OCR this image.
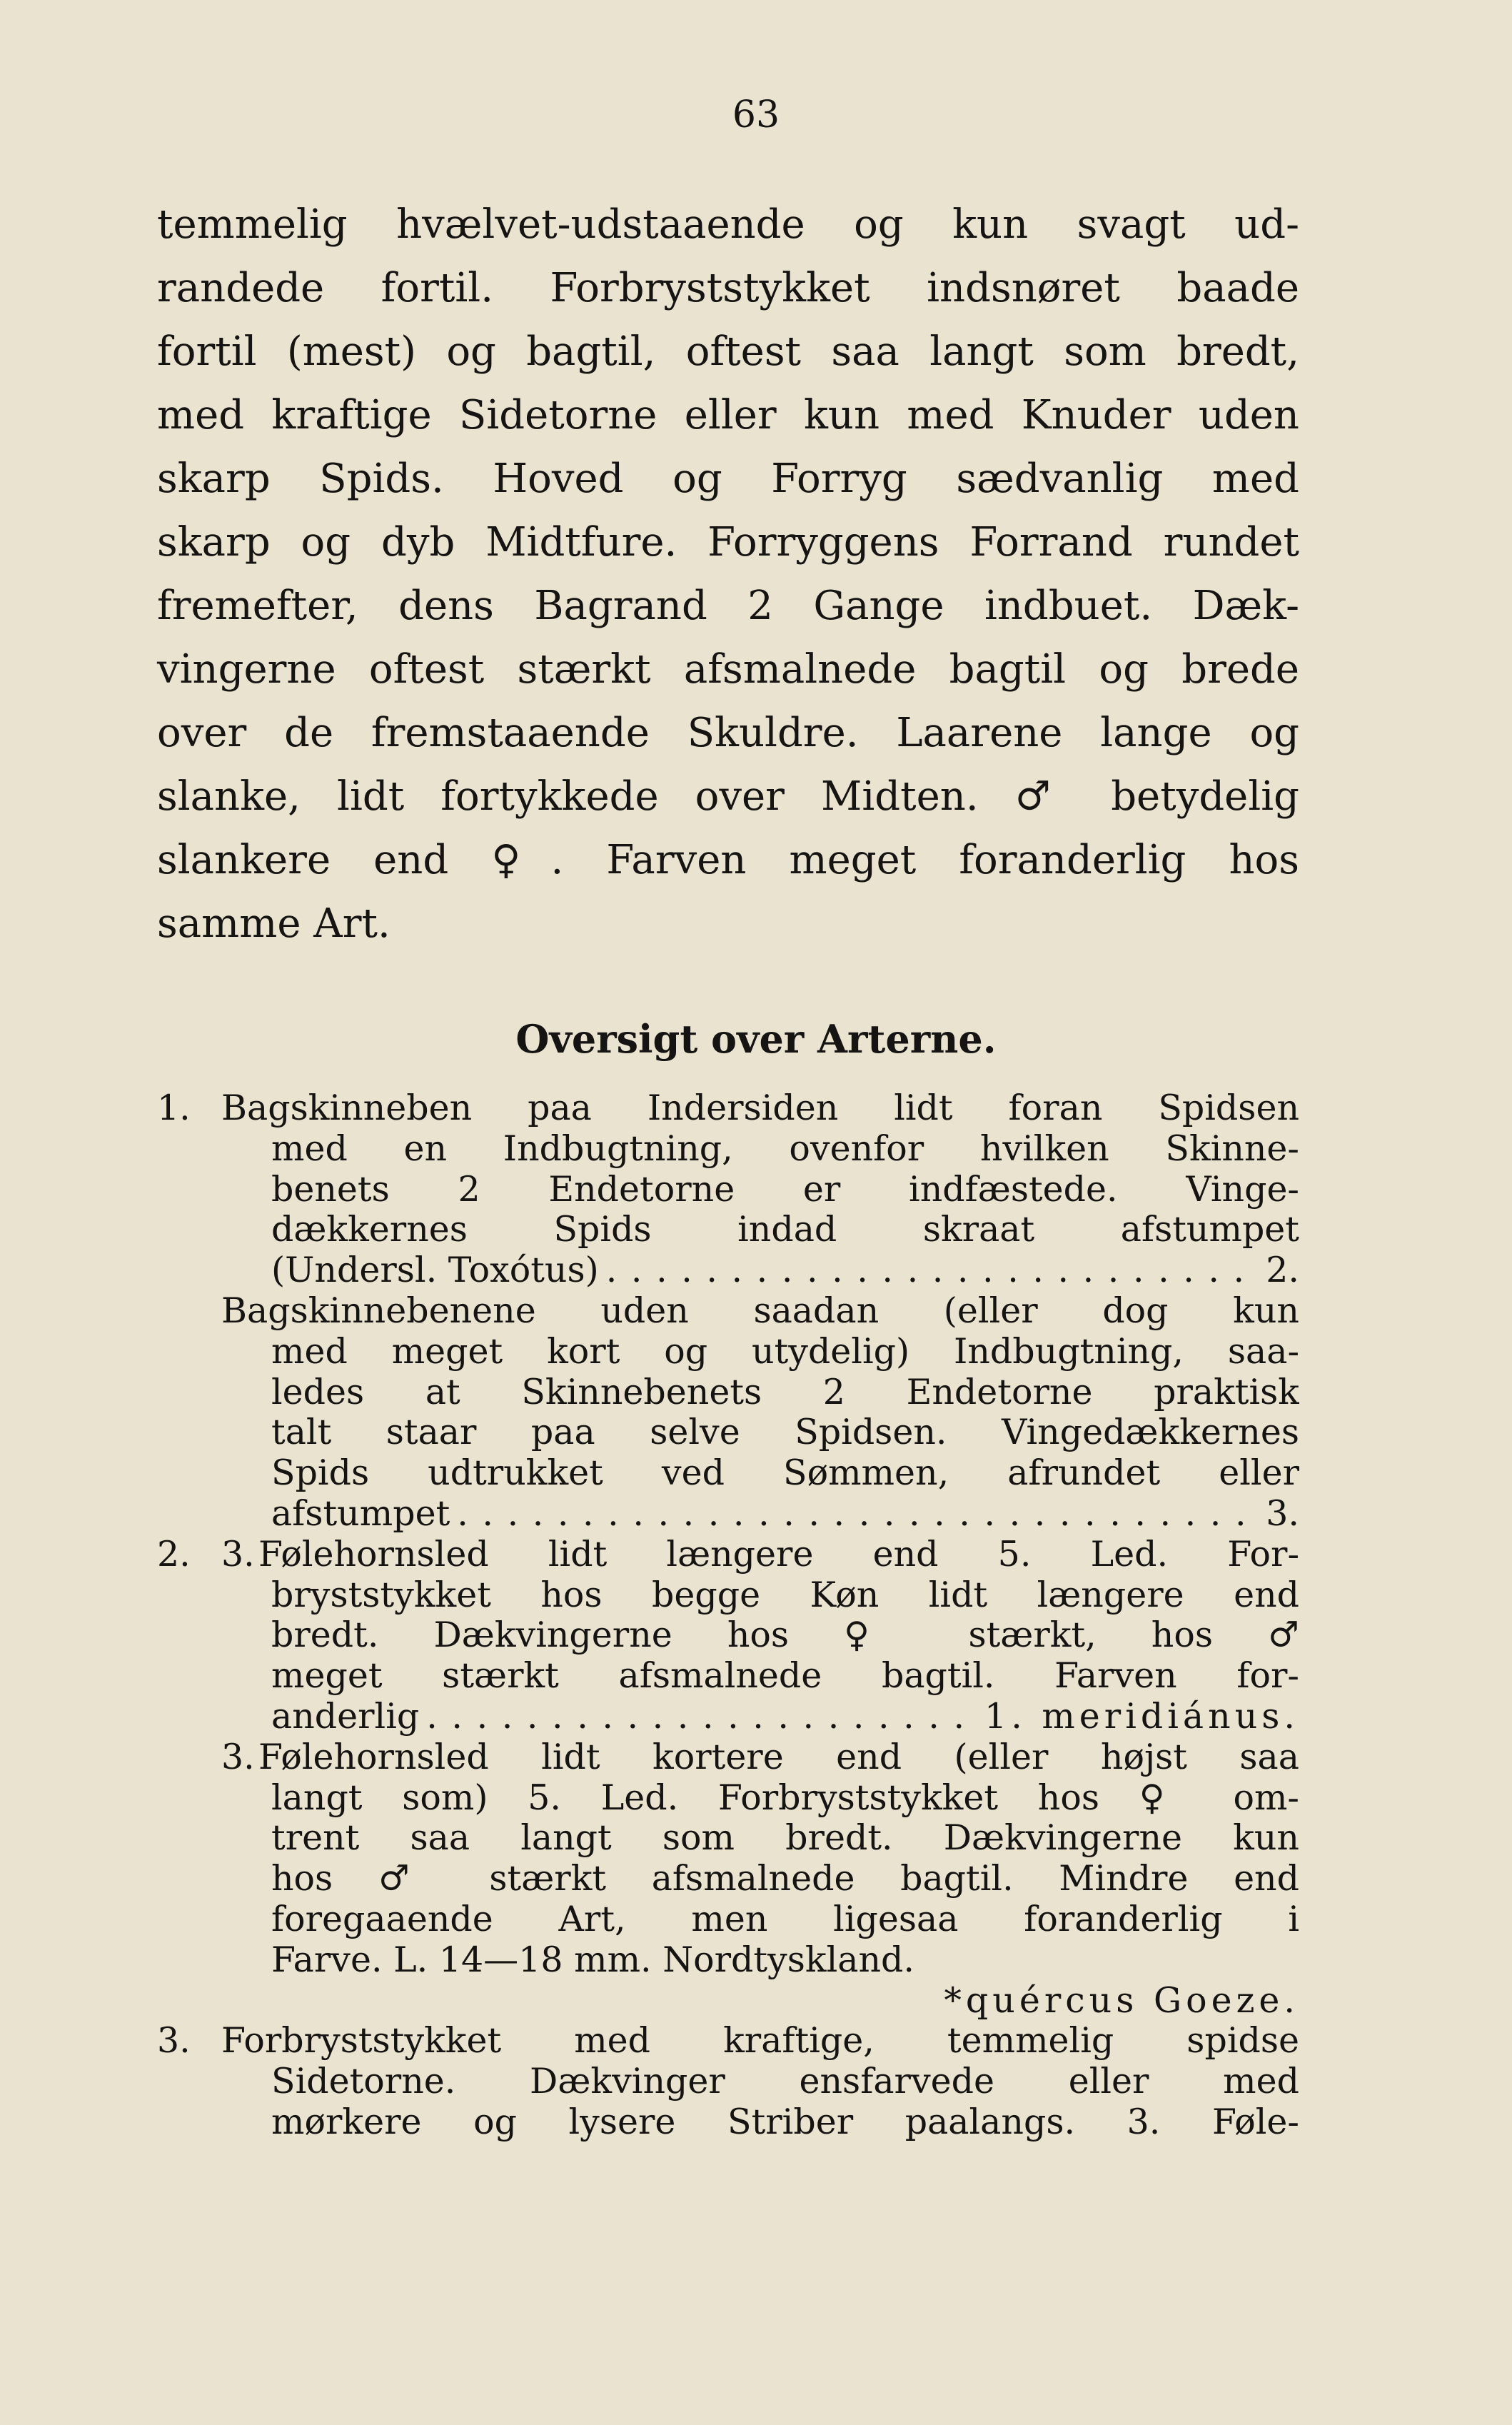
63
temmelig hvælvet-udstaaende og kun svagt ud-
randede fortil. Forbryststykket indsnøret baade
fortil (mest) og bagtil, oftest saa langt som bredt,
med kraftige Sidetorne eller kun med Knuder uden
skarp Spids. Hoved og Forryg sædvanlig med
skarp og dyb Midtfure. Forryggens Forrand rundet
fremefter, dens Bagrand 2 Gange indbuet. Dæk-
vingerne oftest stærkt afsmalnede bagtil og brede
over de fremstaaende Skuldre. Laarene lange og
slanke, lidt fortykkede over Midten. ♂ betydelig
slankere end ♀. Farven meget foranderlig hos
samme Art.
Oversigt over Arterne.
1. Bagskinneben paa Indersiden lidt foran Spidsen
med en Indbugtning, ovenfor hvilken Skinne-
benets 2 Endetorne er indfæstede. Vinge-
dækkernes Spids indad skraat afstumpet
(Undersl. Toxótus) . . .	2.
Bagskinnebenene uden saadan (eller dog kun
med meget kort og utydelig) Indbugtning, saa-
ledes at Skinnebenets 2 Endetorne praktisk
talt staar paa selve Spidsen. Vingedækkernes
Spids udtrukket ved Sømmen, afrundet eller
afstumpet . . .	3.
2. 3. Følehornsled lidt længere end 5. Led. For-
bryststykket hos begge Køn lidt længere end
bredt. Dækvingerne hos ♀ stærkt, hos ♂
meget stærkt afsmalnede bagtil. Farven for-
anderlig . . .	1. meridiánus.
3. Følehornsled lidt kortere end (eller højst saa
langt som) 5. Led. Forbryststykket hos ♀ om-
trent saa langt som bredt. Dækvingerne kun
hos ♂ stærkt afsmalnede bagtil. Mindre end
foregaaende Art, men ligesaa foranderlig i
Farve. L. 14—18 mm. Nordtyskland.
*quércus Goeze.
3. Forbryststykket med kraftige, temmelig spidse
Sidetorne. Dækvinger ensfarvede eller med
mørkere og lysere Striber paalangs. 3. Føle-
